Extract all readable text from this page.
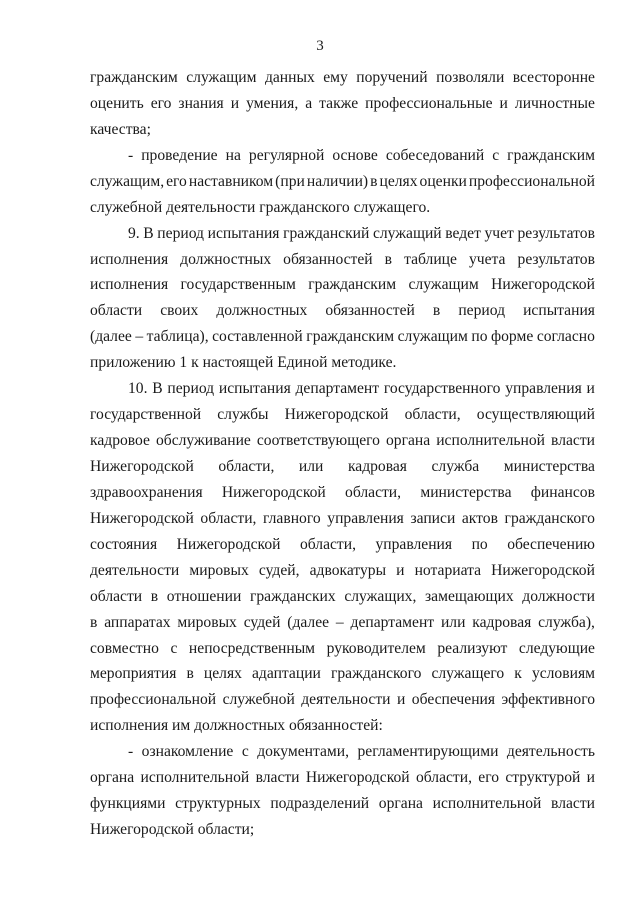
3
гражданским служащим данных ему поручений позволяли всесторонне
оценить его знания и умения, а также профессиональные и личностные
качества;
- проведение на регулярной основе собеседований с гражданским
служащим, его наставником (при наличии) в целях оценки профессиональной
служебной деятельности гражданского служащего.
9. В период испытания гражданский служащий ведет учет результатов
исполнения должностных обязанностей в таблице учета результатов
исполнения государственным гражданским служащим Нижегородской
области своих должностных обязанностей в период испытания
(далее – таблица), составленной гражданским служащим по форме согласно
приложению 1 к настоящей Единой методике.
10. В период испытания департамент государственного управления и
государственной службы Нижегородской области, осуществляющий
кадровое обслуживание соответствующего органа исполнительной власти
Нижегородской области, или кадровая служба министерства
здравоохранения Нижегородской области, министерства финансов
Нижегородской области, главного управления записи актов гражданского
состояния Нижегородской области, управления по обеспечению
деятельности мировых судей, адвокатуры и нотариата Нижегородской
области в отношении гражданских служащих, замещающих должности
в аппаратах мировых судей (далее – департамент или кадровая служба),
совместно с непосредственным руководителем реализуют следующие
мероприятия в целях адаптации гражданского служащего к условиям
профессиональной служебной деятельности и обеспечения эффективного
исполнения им должностных обязанностей:
- ознакомление с документами, регламентирующими деятельность
органа исполнительной власти Нижегородской области, его структурой и
функциями структурных подразделений органа исполнительной власти
Нижегородской области;
